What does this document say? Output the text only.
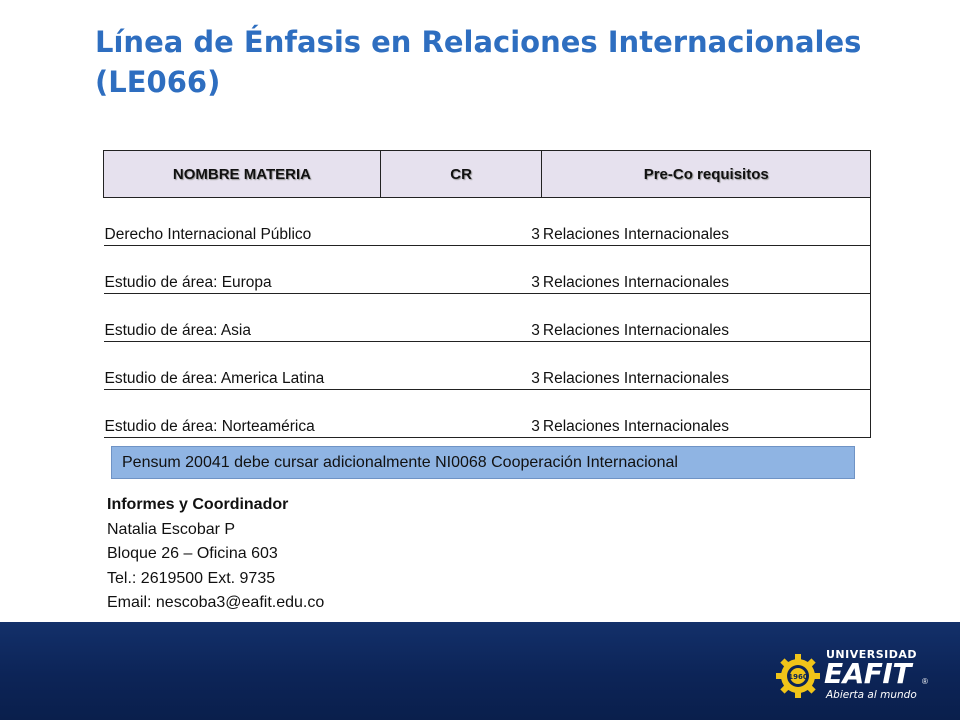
Línea de Énfasis en Relaciones Internacionales
(LE066)
NOMBRE MATERIA	CR	Pre-Co requisitos
Derecho Internacional Público	3	Relaciones Internacionales
Estudio de área: Europa	3	Relaciones Internacionales
Estudio de área: Asia	3	Relaciones Internacionales
Estudio de área: America Latina	3	Relaciones Internacionales
Estudio de área: Norteamérica	3	Relaciones Internacionales
Pensum 20041 debe cursar adicionalmente NI0068 Cooperación Internacional
Informes y Coordinador
Natalia Escobar P
Bloque 26 – Oficina 603
Tel.: 2619500 Ext. 9735
Email: nescoba3@eafit.edu.co
1960
UNIVERSIDAD
EAFIT ®
Abierta al mundo
